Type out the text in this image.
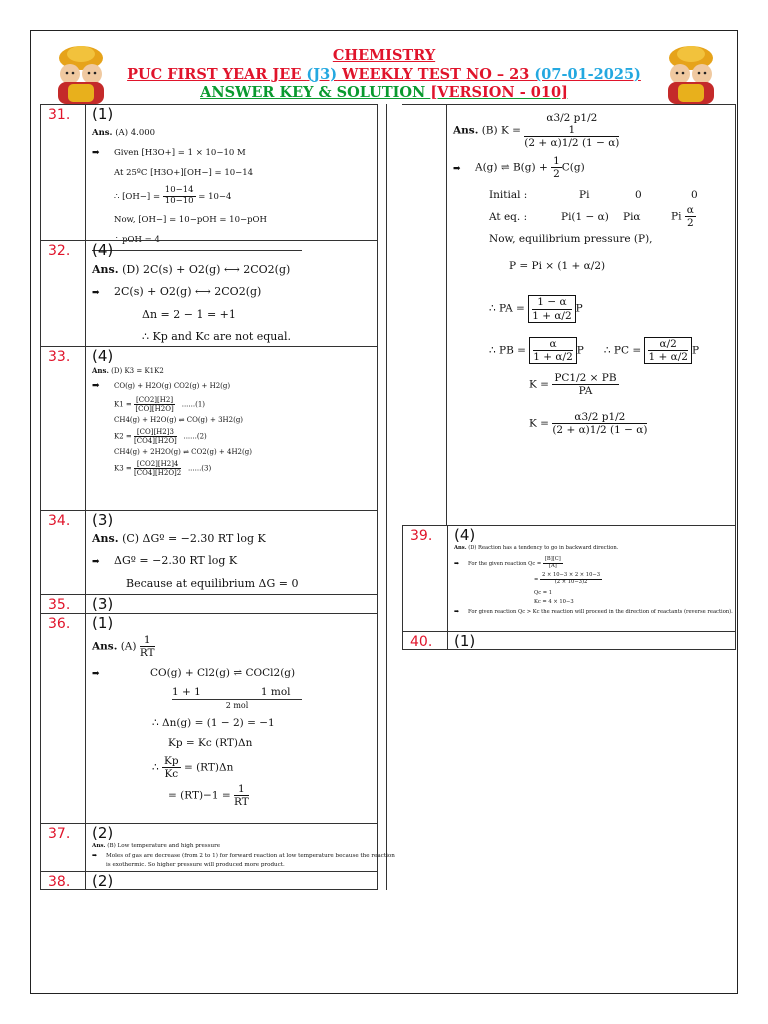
CHEMISTRY
PUC FIRST YEAR JEE (J3) WEEKLY TEST NO – 23 (07-01-2025)
ANSWER KEY & SOLUTION [VERSION - 010]
31.	(1)
Ans. (A) 4.000
➡ Given [H3O+] = 1 × 10−10 M
At 25ºC [H3O+][OH−] = 10−14
∴ $[OH-] = \frac{10-14}{10-10} = 10-4$
Now, [OH−] = 10−pOH = 10−pOH
∴ pOH = 4
32.	(4)
Ans. (D) 2C(s) + O2(g) ⟷ 2CO2(g)
➡ 2C(s) + O2(g) ⟷ 2CO2(g)
Δn = 2 − 1 = +1
∴ Kp and Kc are not equal.
33.	(4)
Ans. (D) K3 = K1K2
➡ CO(g) + H2O(g) CO2(g) + H2(g)
$K1 = \frac{[CO2][H2]}{[CO][H2O]} ......(1)$
CH4(g) + H2O(g) ⇌ CO(g) + 3H2(g)
$K2 = \frac{[CO][H2]3}{[CO4][H2O]} ......(2)$
CH4(g) + 2H2O(g) ⇌ CO2(g) + 4H2(g)
$K3 = \frac{[CO2][H2]4}{[CO4][H2O]2} ......(3)$
34.	(3)
Ans. (C) ΔGº = −2.30 RT log K
➡ ΔGº = −2.30 RT log K
Because at equilibrium ΔG = 0
35.	(3)
36.	(1)
Ans. $(A) \frac{1}{RT}$
➡	CO(g) + Cl2(g) ⇌ COCl2(g)
1 + 1	1 mol
2 mol
∴ Δn(g) = (1 − 2) = −1
Kp = Kc (RT)Δn
∴ $\frac{Kp}{Kc} = (RT)\Delta n$
= $(RT)-1 = \frac{1}{RT}$
37.	(2)
Ans. (B) Low temperature and high pressure
➡ Moles of gas are decrease (from 2 to 1) for forward reaction at low temperature because the reaction
is exothermic. So higher pressure will produced more product.
38.	(2)
Ans. (B) K =
α3/2 p1/2
1
(2 + α)1/2 (1 − α)
➡ A(g) ⇌ $B(g) + \frac{1}{2} C(g)$
Initial :	Pi	0	0
At eq. :	Pi(1 − α) Piα	Pi $\frac{\alpha}{2}$
Now, equilibrium pressure (P),
P = Pi × (1 + α/2)
∴ PA = $\frac{1 - \alpha}{1 + \alpha/2}$ P
∴ PB = $\frac{\alpha}{1 + \alpha/2}$ P ∴ PC = $\frac{\alpha/2}{1 + \alpha/2}$ P
$K = \frac{PC1/2 \times PB}{PA}$
$K = \frac{\alpha 3/2 p1/2}{(2 + \alpha)1/2 (1 - \alpha)}$
39.	(4)
Ans. (D) Reaction has a tendency to go in backward direction.
➡ For the given reaction $Qc = \frac{[B][C]}{[A]}$
= $\frac{2 \times 10-3 \times 2 \times 10-3}{(2 \times 10-3)2}$
Qc = 1
Kc = 4 × 10−3
➡ For given reaction Qc > Kc the reaction will proceed in the direction of reactants (reverse reaction).
40.	(1)
